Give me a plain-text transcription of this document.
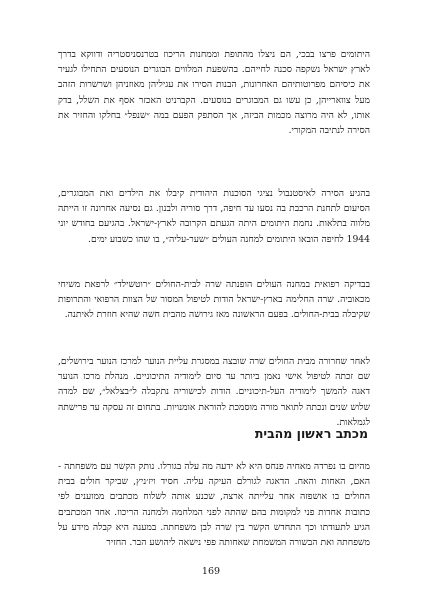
היתומים פרצו בבכי, הם ניצלו מהתופת וממחנות הריכוז בטרנסניסטריה ודווקא בדרך לארץ ישראל נשקפה סכנה לחייהם. בהשפעת המלווים הבוגרים הנוסעים התחילו לגעיר את כיסיהם מפרוטותיהם האחרונות, הבנות הסירו את עגיליהן מאוזניהן ושרשרות הזהב מעל צווארייהן, כן עשו גם המבוגרים בנוסעים. הקברניט האכזר אסף את השלל, בדק אותו, לא היה מרוצה מכמות הביזה, אך הסתפק הפעם במה ״שנפל״ בחלקו והחזיר את הסירה לנתיבה המקורי.

בהגיע הסירה לאיסטנבול נציגי הסוכנות היהודית קיבלו את הילדים ואת המבוגרים, הסיעום לתחנת הרכבת בה נסעו עד חיפה, דרך סוריה ולבנון. גם נסיעה אחרונה זו הייתה מלווה בתלאות. נחמת היתומים היתה הגעתם הקרובה לארץ-ישראל. בהגיעם בחודש יוני 1944 לחיפה הובאו היתומים למחנה העולים ״שער-עליה״, בו שהו כשבוע ימים.

בבדיקה רפואית במחנה העולים הופנתה שרה לבית-החולים ״רוטשילד״ לרפאת משיחי מכאוביה. שרה החלימה בארץ-ישראל הודות לטיפול המסור של הצוות הרפואי והתרופות שקיבלה בבית-החולים. בפעם הראשונה מאז גירושה מהבית חשה שהיא חוזרת לאיתנה.

לאחר שחרורה מבית החולים שרה שובצה במסגרת עליית הנוער למרכז הנוער בירושלים, שם זכתה לטיפול אישי נאמן ביותר עד סיום לימודיה התיכוניים. מנהלת מרכז הנוער דאגה להמשך לימודיה העל-תיכוניים. הודות לכישוריה נתקבלה ל״בצלאל״, שם למדה שלוש שנים ונכתה לתואר מורה מוסמכת להוראת אומנויות. בתחום זה עסקה עד פרישתה לגמלאות.

מכתב ראשון מהבית

מהיום בו נפרדה מאחיה פנחס היא לא ידעה מה עלה בגורלו. נותק הקשר עם משפחתה - האם, האחות והאח. הדאגה לגורלם העיקה עליה. חסיד ויז׳ניץ, שביקר חולים בבית החולים בו אושפזה אחר עלייתה ארצה, שכנע אותה לשלוח מכתבים ממוענים לפי כתובות אחדות פני למקומות בהם שהתה לפני המלחמה ולמחנה הריכוז. אחד המכתבים הגיע לתעודתו וכך התחדש הקשר בין שרה לבן משפחתה. במענה היא קבלה מידע על משפחתה ואת הבשורה המשמחת שאחותה פפי נישאה ליהושע הבר. החזיר

169
